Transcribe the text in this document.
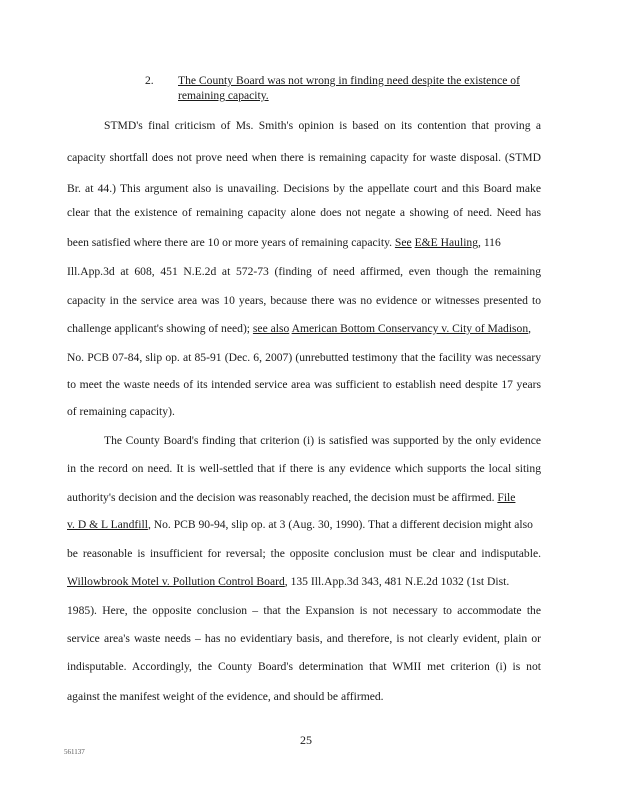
2. The County Board was not wrong in finding need despite the existence of
remaining capacity.
STMD's final criticism of Ms. Smith's opinion is based on its contention that proving a
capacity shortfall does not prove need when there is remaining capacity for waste disposal. (STMD
Br. at 44.) This argument also is unavailing. Decisions by the appellate court and this Board make
clear that the existence of remaining capacity alone does not negate a showing of need. Need has
been satisfied where there are 10 or more years of remaining capacity. See E&E Hauling, 116
Ill.App.3d at 608, 451 N.E.2d at 572-73 (finding of need affirmed, even though the remaining
capacity in the service area was 10 years, because there was no evidence or witnesses presented to
challenge applicant's showing of need); see also American Bottom Conservancy v. City of Madison,
No. PCB 07-84, slip op. at 85-91 (Dec. 6, 2007) (unrebutted testimony that the facility was necessary
to meet the waste needs of its intended service area was sufficient to establish need despite 17 years
of remaining capacity).
The County Board's finding that criterion (i) is satisfied was supported by the only evidence
in the record on need. It is well-settled that if there is any evidence which supports the local siting
authority's decision and the decision was reasonably reached, the decision must be affirmed. File
v. D & L Landfill, No. PCB 90-94, slip op. at 3 (Aug. 30, 1990). That a different decision might also
be reasonable is insufficient for reversal; the opposite conclusion must be clear and indisputable.
Willowbrook Motel v. Pollution Control Board, 135 Ill.App.3d 343, 481 N.E.2d 1032 (1st Dist.
1985). Here, the opposite conclusion – that the Expansion is not necessary to accommodate the
service area's waste needs – has no evidentiary basis, and therefore, is not clearly evident, plain or
indisputable. Accordingly, the County Board's determination that WMII met criterion (i) is not
against the manifest weight of the evidence, and should be affirmed.
561137
25
